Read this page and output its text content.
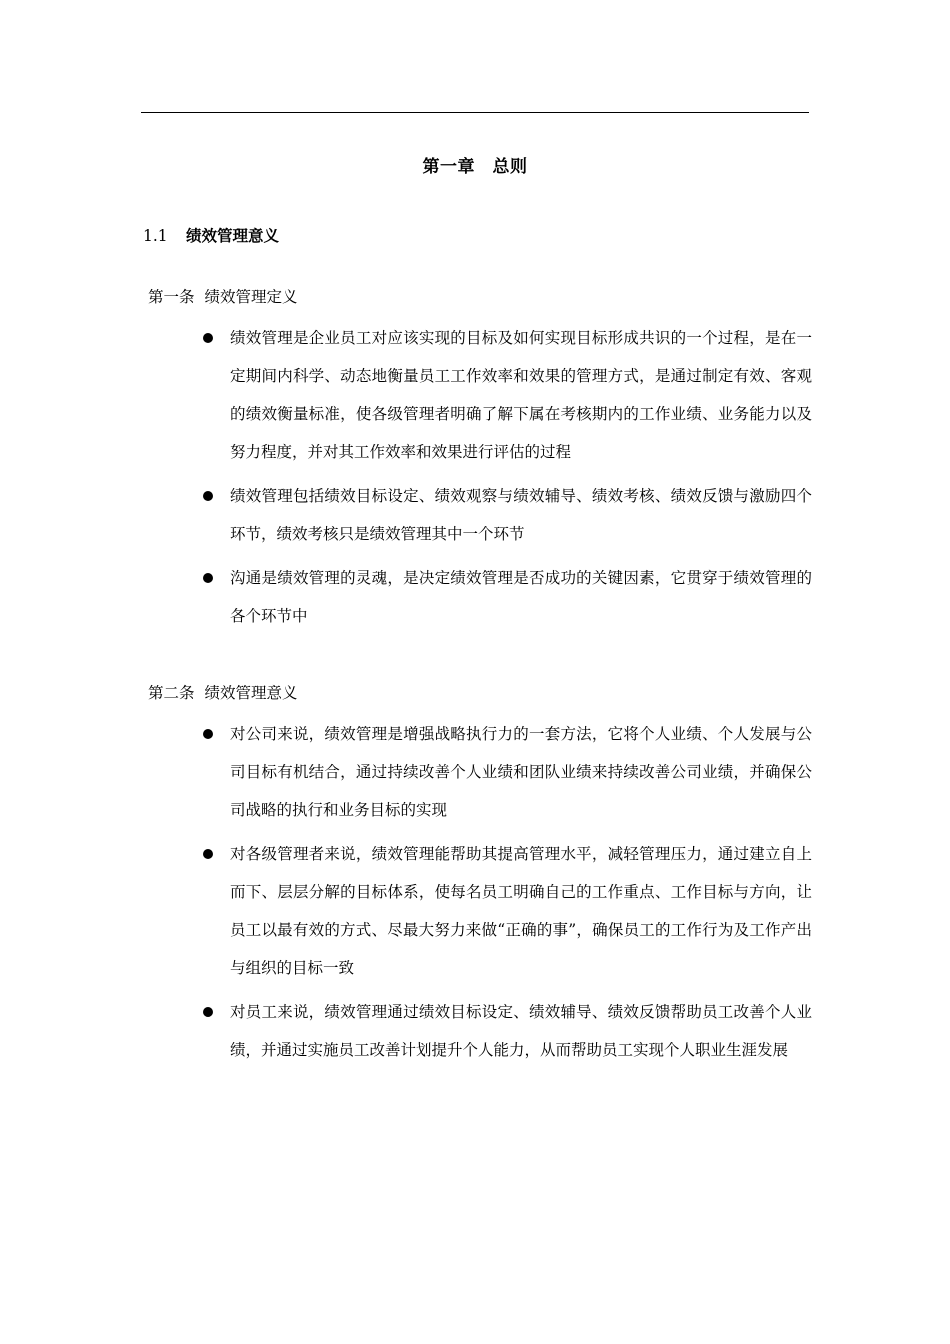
第一章　总则
1.1 绩效管理意义
第一条 绩效管理定义
绩效管理是企业员工对应该实现的目标及如何实现目标形成共识的一个过程，是在一定期间内科学、动态地衡量员工工作效率和效果的管理方式，是通过制定有效、客观的绩效衡量标准，使各级管理者明确了解下属在考核期内的工作业绩、业务能力以及努力程度，并对其工作效率和效果进行评估的过程
绩效管理包括绩效目标设定、绩效观察与绩效辅导、绩效考核、绩效反馈与激励四个环节，绩效考核只是绩效管理其中一个环节
沟通是绩效管理的灵魂，是决定绩效管理是否成功的关键因素，它贯穿于绩效管理的各个环节中
第二条 绩效管理意义
对公司来说，绩效管理是增强战略执行力的一套方法，它将个人业绩、个人发展与公司目标有机结合，通过持续改善个人业绩和团队业绩来持续改善公司业绩，并确保公司战略的执行和业务目标的实现
对各级管理者来说，绩效管理能帮助其提高管理水平，减轻管理压力，通过建立自上而下、层层分解的目标体系，使每名员工明确自己的工作重点、工作目标与方向，让员工以最有效的方式、尽最大努力来做“正确的事”，确保员工的工作行为及工作产出与组织的目标一致
对员工来说，绩效管理通过绩效目标设定、绩效辅导、绩效反馈帮助员工改善个人业绩，并通过实施员工改善计划提升个人能力，从而帮助员工实现个人职业生涯发展
